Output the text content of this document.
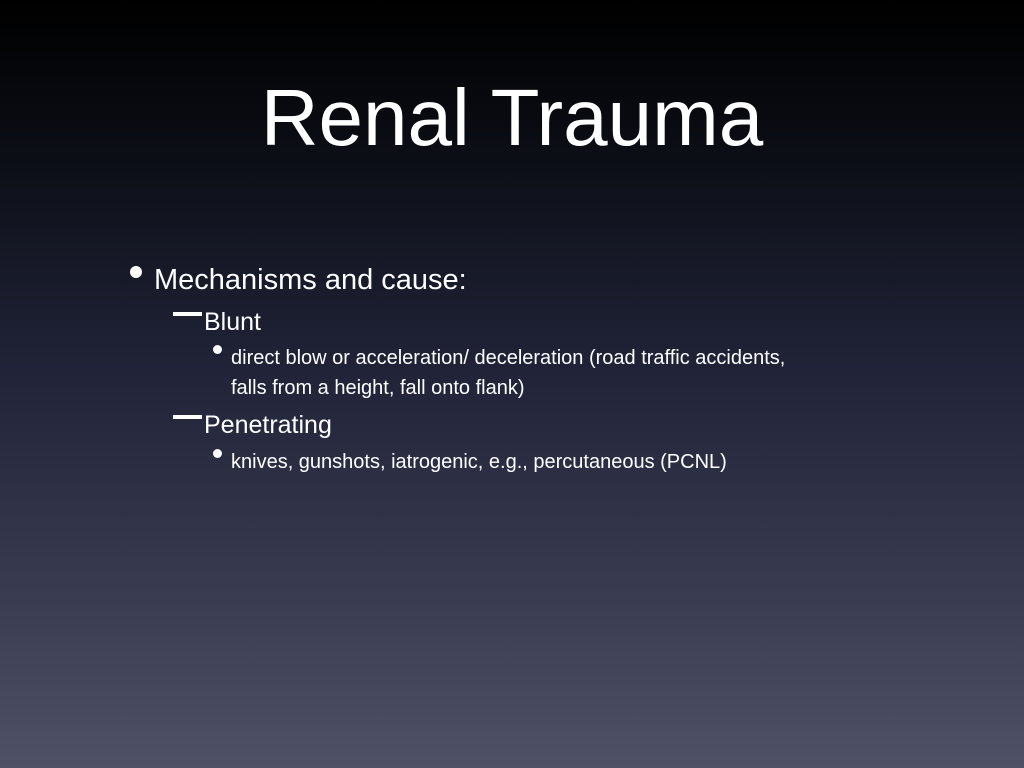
Renal Trauma
Mechanisms and cause:
Blunt
direct blow or acceleration/ deceleration (road traffic accidents, falls from a height, fall onto flank)
Penetrating
knives, gunshots, iatrogenic, e.g., percutaneous (PCNL)
